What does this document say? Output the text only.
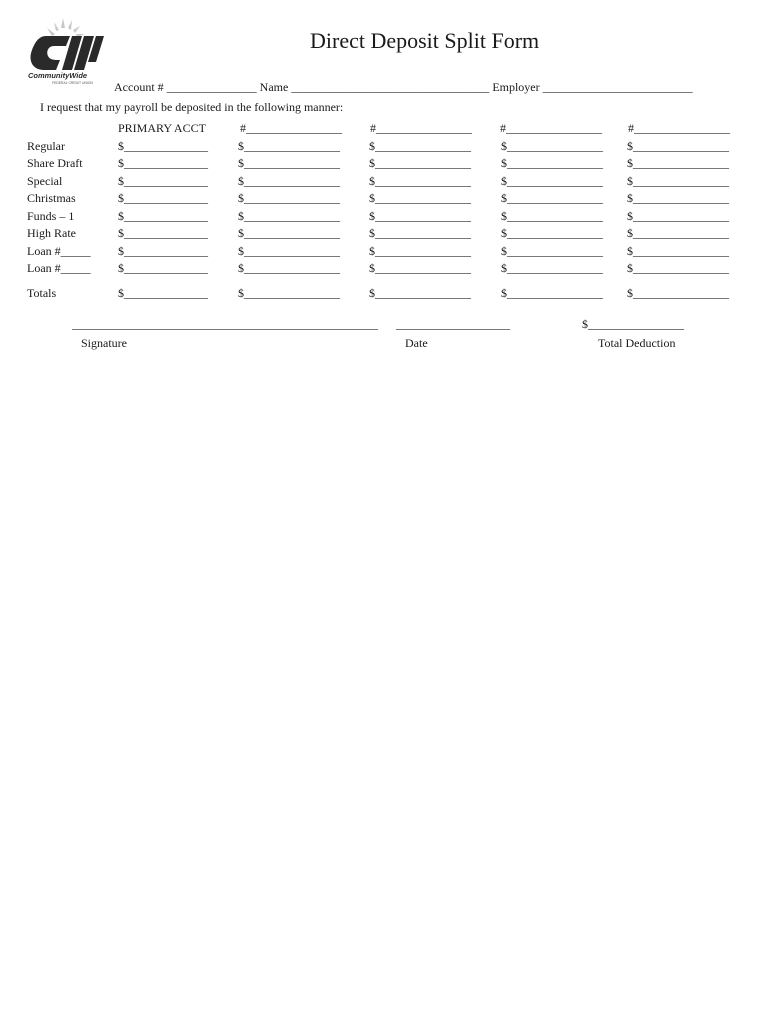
CommunityWide
FEDERAL CREDIT UNION
Direct Deposit Split Form
Account # _______________ Name _________________________________ Employer _________________________
I request that my payroll be deposited in the following manner:
PRIMARY ACCT	#________________ #________________ #________________ #________________
Regular	$______________	$________________ $________________	$________________ $________________
Share Draft	$______________	$________________ $________________	$________________ $________________
Special	$______________	$________________ $________________	$________________ $________________
Christmas	$______________	$________________ $________________	$________________ $________________
Funds – 1	$______________	$________________ $________________	$________________ $________________
High Rate	$______________	$________________ $________________	$________________ $________________
Loan #_____ $______________	$________________ $________________	$________________ $________________
Loan #_____ $______________	$________________ $________________	$________________ $________________
Totals	$______________	$________________ $________________	$________________ $________________
___________________________________________________
Signature
___________________
Date
$________________
Total Deduction
